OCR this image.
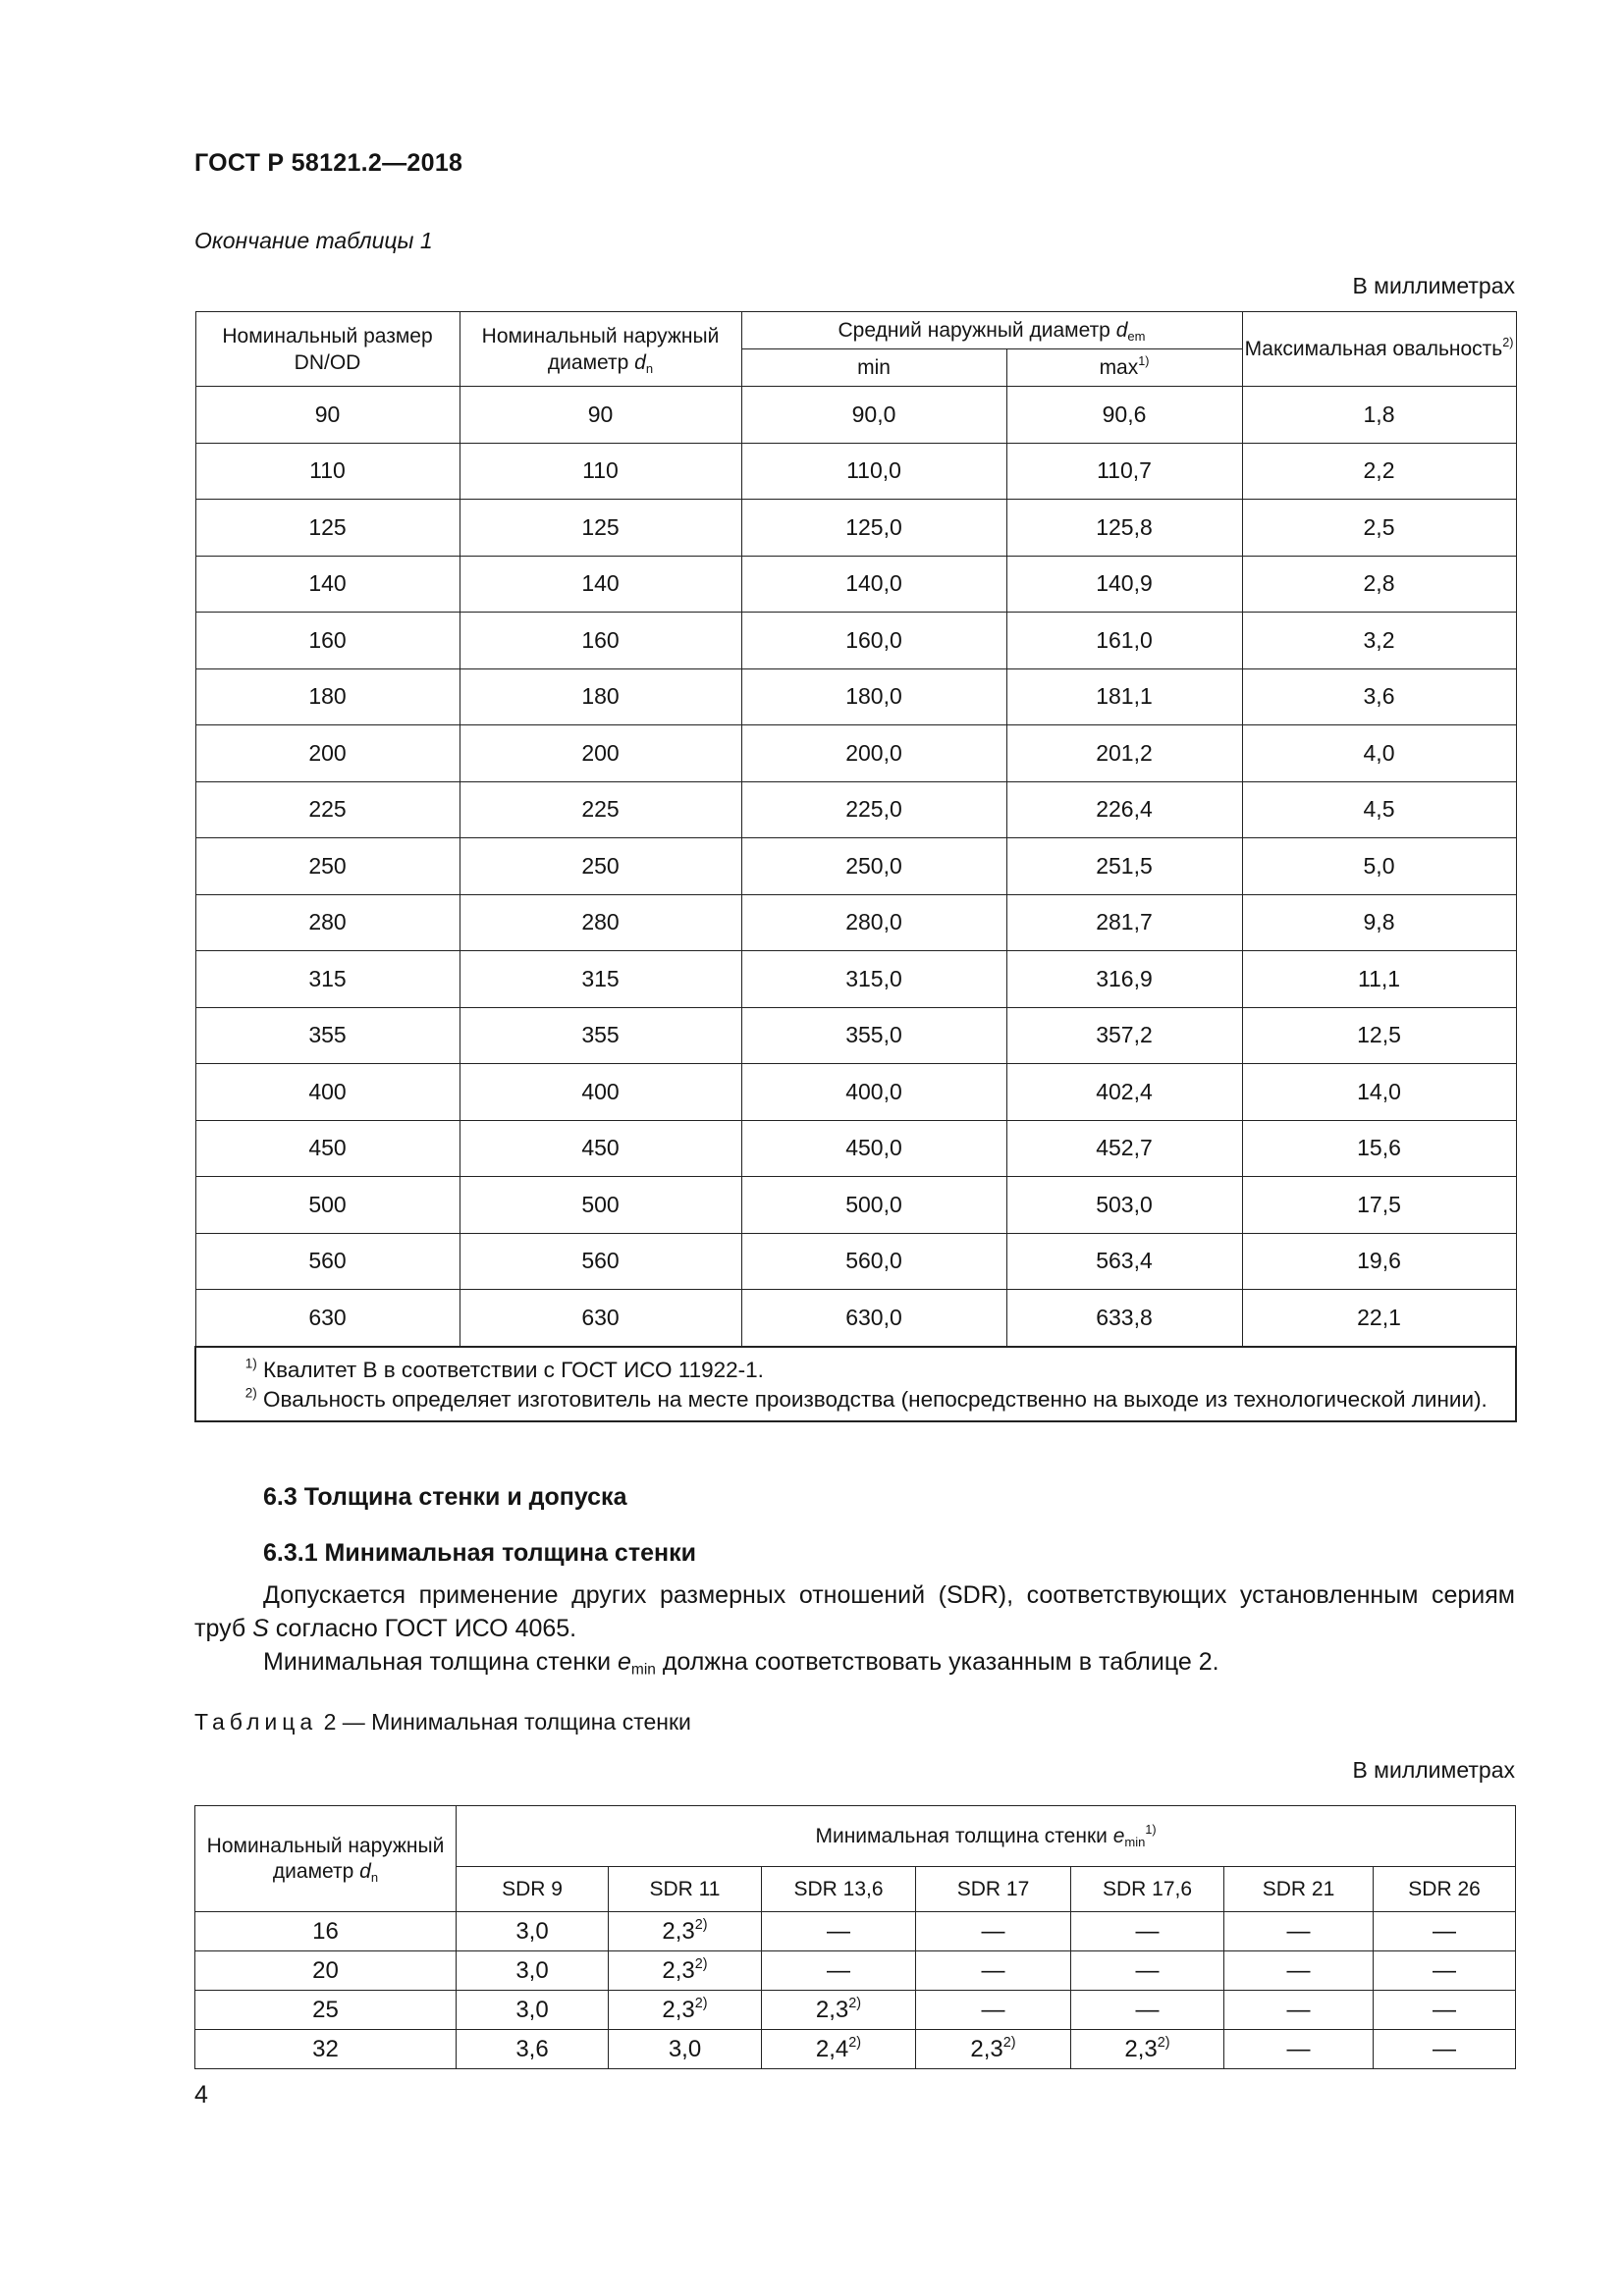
ГОСТ Р 58121.2—2018
Окончание таблицы 1
В миллиметрах
Номинальный размер DN/OD	Номинальный наружный диаметр $d_n$	Средний наружный диаметр $d_{em}$		Максимальная овальность$^{2)}$
		min	$\max^{1)}$
90	90	90,0	90,6	1,8
110	110	110,0	110,7	2,2
125	125	125,0	125,8	2,5
140	140	140,0	140,9	2,8
160	160	160,0	161,0	3,2
180	180	180,0	181,1	3,6
200	200	200,0	201,2	4,0
225	225	225,0	226,4	4,5
250	250	250,0	251,5	5,0
280	280	280,0	281,7	9,8
315	315	315,0	316,9	11,1
355	355	355,0	357,2	12,5
400	400	400,0	402,4	14,0
450	450	450,0	452,7	15,6
500	500	500,0	503,0	17,5
560	560	560,0	563,4	19,6
630	630	630,0	633,8	22,1

$^{1)}$ Квалитет В в соответствии с ГОСТ ИСО 11922-1.

$^{2)}$ Овальность определяет изготовитель на месте производства (непосредственно на выходе из технологической линии).				

6.3 Толщина стенки и допуска
6.3.1 Минимальная толщина стенки
Допускается применение других размерных отношений (SDR), соответствующих установленным сериям труб S согласно ГОСТ ИСО 4065.
Минимальная толщина стенки $e_{min}$ должна соответствовать указанным в таблице 2.
Таблица 2 — Минимальная толщина стенки
В миллиметрах
Номинальный наружный диаметр $d_n$	Минимальная толщина стенки $e_{min}^{1)}$
	SDR 9	SDR 11	SDR 13,6	SDR 17	SDR 17,6	SDR 21	SDR 26
16	3,0	2,3$^{2)}$	—	—	—	—	—
20	3,0	2,3$^{2)}$	—	—	—	—	—
25	3,0	2,3$^{2)}$	2,3$^{2)}$	—	—	—	—
32	3,6	3,0	2,4$^{2)}$	2,3$^{2)}$	2,3$^{2)}$	—	—
4
